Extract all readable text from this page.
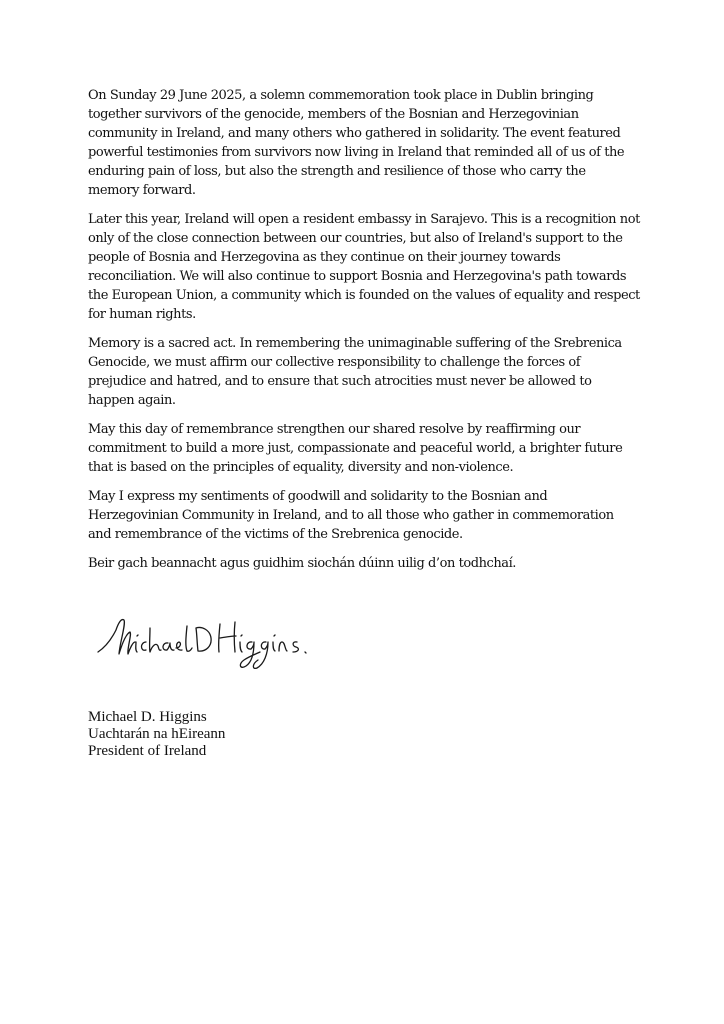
On Sunday 29 June 2025, a solemn commemoration took place in Dublin bringing together survivors of the genocide, members of the Bosnian and Herzegovinian community in Ireland, and many others who gathered in solidarity. The event featured powerful testimonies from survivors now living in Ireland that reminded all of us of the enduring pain of loss, but also the strength and resilience of those who carry the memory forward.

Later this year, Ireland will open a resident embassy in Sarajevo. This is a recognition not only of the close connection between our countries, but also of Ireland's support to the people of Bosnia and Herzegovina as they continue on their journey towards reconciliation. We will also continue to support Bosnia and Herzegovina's path towards the European Union, a community which is founded on the values of equality and respect for human rights.

Memory is a sacred act. In remembering the unimaginable suffering of the Srebrenica Genocide, we must affirm our collective responsibility to challenge the forces of prejudice and hatred, and to ensure that such atrocities must never be allowed to happen again.

May this day of remembrance strengthen our shared resolve by reaffirming our commitment to build a more just, compassionate and peaceful world, a brighter future that is based on the principles of equality, diversity and non-violence.

May I express my sentiments of goodwill and solidarity to the Bosnian and Herzegovinian Community in Ireland, and to all those who gather in commemoration and remembrance of the victims of the Srebrenica genocide.

Beir gach beannacht agus guidhim siochán dúinn uilig d’on todhchaí.

Michael D. Higgins
Uachtarán na hEireann
President of Ireland
